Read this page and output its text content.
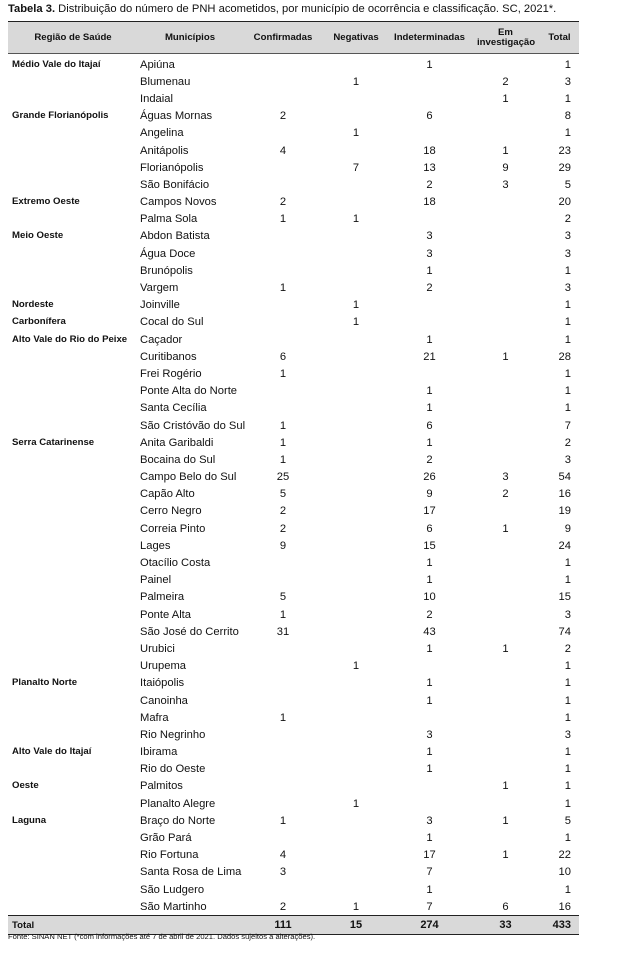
Tabela 3. Distribuição do número de PNH acometidos, por município de ocorrência e classificação. SC, 2021*.
Região de Saúde	Municípios	Confirmadas	Negativas	Indeterminadas	Em investigação	Total
Médio Vale do Itajaí	Apiúna			1		1
	Blumenau		1		2	3
	Indaial				1	1
Grande Florianópolis	Águas Mornas	2		6		8
	Angelina		1			1
	Anitápolis	4		18	1	23
	Florianópolis		7	13	9	29
	São Bonifácio			2	3	5
Extremo Oeste	Campos Novos	2		18		20
	Palma Sola	1	1			2
Meio Oeste	Abdon Batista			3		3
	Água Doce			3		3
	Brunópolis			1		1
	Vargem	1		2		3
Nordeste	Joinville		1			1
Carbonífera	Cocal do Sul		1			1
Alto Vale do Rio do Peixe	Caçador			1		1
	Curitibanos	6		21	1	28
	Frei Rogério	1				1
	Ponte Alta do Norte			1		1
	Santa Cecília			1		1
	São Cristóvão do Sul	1		6		7
Serra Catarinense	Anita Garibaldi	1		1		2
	Bocaina do Sul	1		2		3
	Campo Belo do Sul	25		26	3	54
	Capão Alto	5		9	2	16
	Cerro Negro	2		17		19
	Correia Pinto	2		6	1	9
	Lages	9		15		24
	Otacílio Costa			1		1
	Painel			1		1
	Palmeira	5		10		15
	Ponte Alta	1		2		3
	São José do Cerrito	31		43		74
	Urubici			1	1	2
	Urupema		1			1
Planalto Norte	Itaiópolis			1		1
	Canoinha			1		1
	Mafra	1				1
	Rio Negrinho			3		3
Alto Vale do Itajaí	Ibirama			1		1
	Rio do Oeste			1		1
Oeste	Palmitos				1	1
	Planalto Alegre		1			1
Laguna	Braço do Norte	1		3	1	5
	Grão Pará			1		1
	Rio Fortuna	4		17	1	22
	Santa Rosa de Lima	3		7		10
	São Ludgero			1		1
	São Martinho	2	1	7	6	16
Total		111	15	274	33	433
Fonte: SINAN NET (*com informações até 7 de abril de 2021. Dados sujeitos a alterações).
